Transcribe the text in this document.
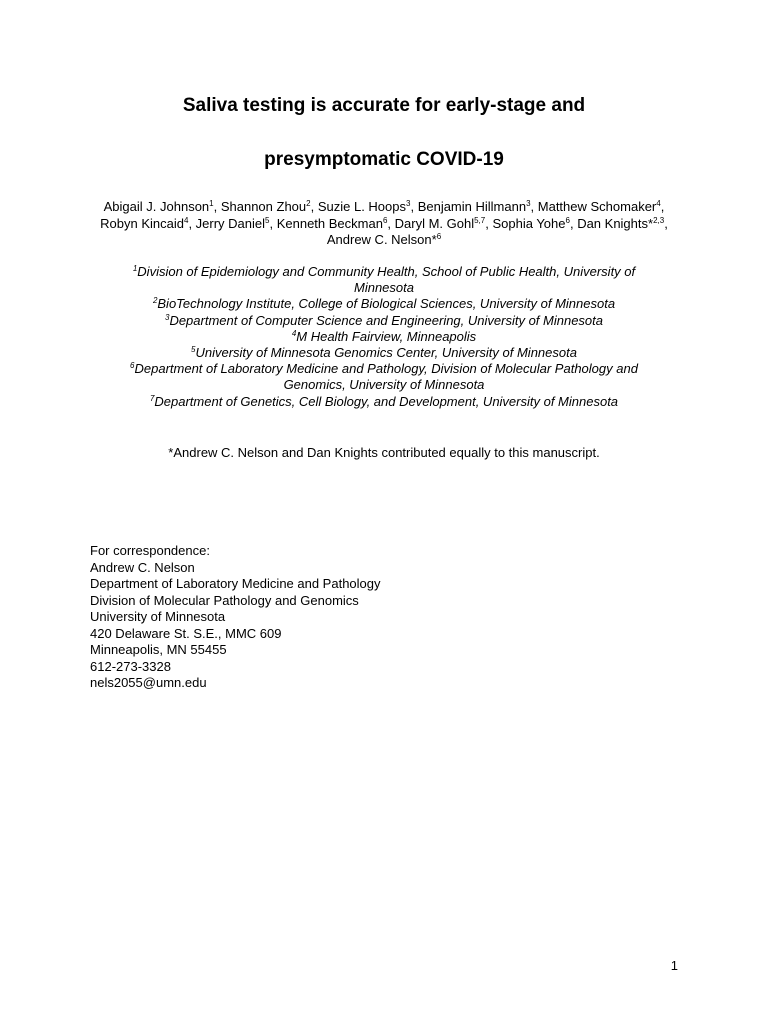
Saliva testing is accurate for early-stage and
presymptomatic COVID-19
Abigail J. Johnson$^1$, Shannon Zhou$^2$, Suzie L. Hoops$^3$, Benjamin Hillmann$^3$, Matthew Schomaker$^4$, Robyn Kincaid$^4$, Jerry Daniel$^5$, Kenneth Beckman$^6$, Daryl M. Gohl$^{5,7}$, Sophia Yohe$^6$, Dan Knights*$^{2,3}$, Andrew C. Nelson*$^6$
$^1$Division of Epidemiology and Community Health, School of Public Health, University of Minnesota
$^2$BioTechnology Institute, College of Biological Sciences, University of Minnesota
$^3$Department of Computer Science and Engineering, University of Minnesota
$^4$M Health Fairview, Minneapolis
$^5$University of Minnesota Genomics Center, University of Minnesota
$^6$Department of Laboratory Medicine and Pathology, Division of Molecular Pathology and Genomics, University of Minnesota
$^7$Department of Genetics, Cell Biology, and Development, University of Minnesota
*Andrew C. Nelson and Dan Knights contributed equally to this manuscript.
For correspondence:
Andrew C. Nelson
Department of Laboratory Medicine and Pathology
Division of Molecular Pathology and Genomics
University of Minnesota
420 Delaware St. S.E., MMC 609
Minneapolis, MN 55455
612-273-3328
nels2055@umn.edu
1
